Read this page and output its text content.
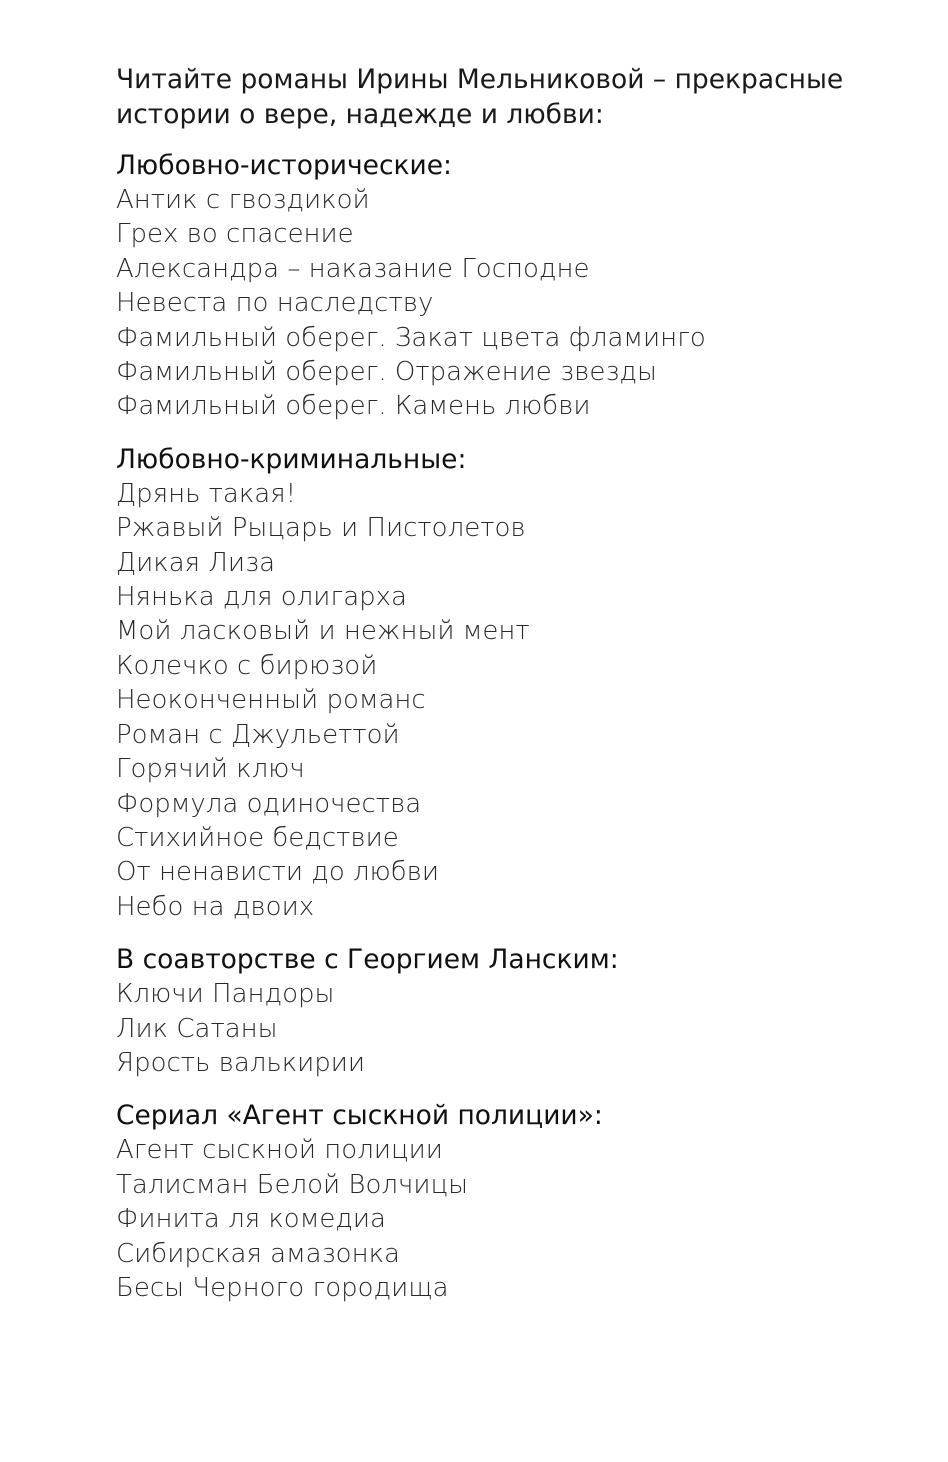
Читайте романы Ирины Мельниковой – прекрасные истории о вере, надежде и любви:

Любовно-исторические:
Антик с гвоздикой
Грех во спасение
Александра – наказание Господне
Невеста по наследству
Фамильный оберег. Закат цвета фламинго
Фамильный оберег. Отражение звезды
Фамильный оберег. Камень любви
Любовно-криминальные:
Дрянь такая!
Ржавый Рыцарь и Пистолетов
Дикая Лиза
Нянька для олигарха
Мой ласковый и нежный мент
Колечко с бирюзой
Неоконченный романс
Роман с Джульеттой
Горячий ключ
Формула одиночества
Стихийное бедствие
От ненависти до любви
Небо на двоих
В соавторстве с Георгием Ланским:
Ключи Пандоры
Лик Сатаны
Ярость валькирии
Сериал «Агент сыскной полиции»:
Агент сыскной полиции
Талисман Белой Волчицы
Финита ля комедиа
Сибирская амазонка
Бесы Черного городища
